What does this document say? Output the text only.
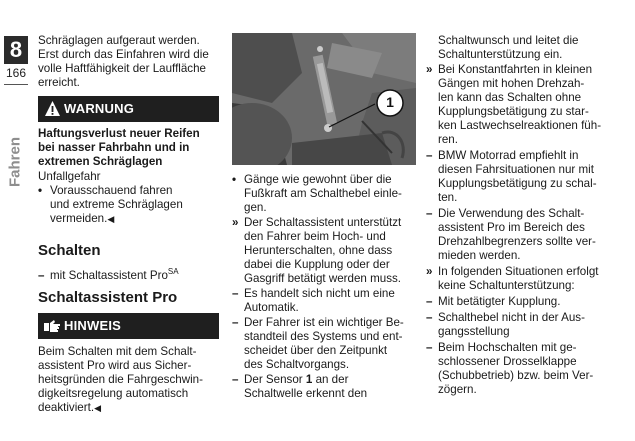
8
166
Fahren
Schräglagen aufgeraut werden.
Erst durch das Einfahren wird die
volle Haftfähigkeit der Lauffläche
erreicht.
WARNUNG
Haftungsverlust neuer Reifen
bei nasser Fahrbahn und in
extremen Schräglagen
Unfallgefahr
• Vorausschauend fahren
und extreme Schräglagen
vermeiden.◀
Schalten
– mit Schaltassistent Pro$^{SA}$
Schaltassistent Pro
HINWEIS
Beim Schalten mit dem Schalt-
assistent Pro wird aus Sicher-
heitsgründen die Fahrgeschwin-
digkeitsregelung automatisch
deaktiviert.◀
1
• Gänge wie gewohnt über die
Fußkraft am Schalthebel einle-
gen.
» Der Schaltassistent unterstützt
den Fahrer beim Hoch- und
Herunterschalten, ohne dass
dabei die Kupplung oder der
Gasgriff betätigt werden muss.
– Es handelt sich nicht um eine
Automatik.
– Der Fahrer ist ein wichtiger Be-
standteil des Systems und ent-
scheidet über den Zeitpunkt
des Schaltvorgangs.
– Der Sensor 1 an der
Schaltwelle erkennt den
Schaltwunsch und leitet die
Schaltunterstützung ein.
» Bei Konstantfahrten in kleinen
Gängen mit hohen Drehzah-
len kann das Schalten ohne
Kupplungsbetätigung zu star-
ken Lastwechselreaktionen füh-
ren.
– BMW Motorrad empfiehlt in
diesen Fahrsituationen nur mit
Kupplungsbetätigung zu schal-
ten.
– Die Verwendung des Schalt-
assistent Pro im Bereich des
Drehzahlbegrenzers sollte ver-
mieden werden.
» In folgenden Situationen erfolgt
keine Schaltunterstützung:
– Mit betätigter Kupplung.
– Schalthebel nicht in der Aus-
gangsstellung
– Beim Hochschalten mit ge-
schlossener Drosselklappe
(Schubbetrieb) bzw. beim Ver-
zögern.
